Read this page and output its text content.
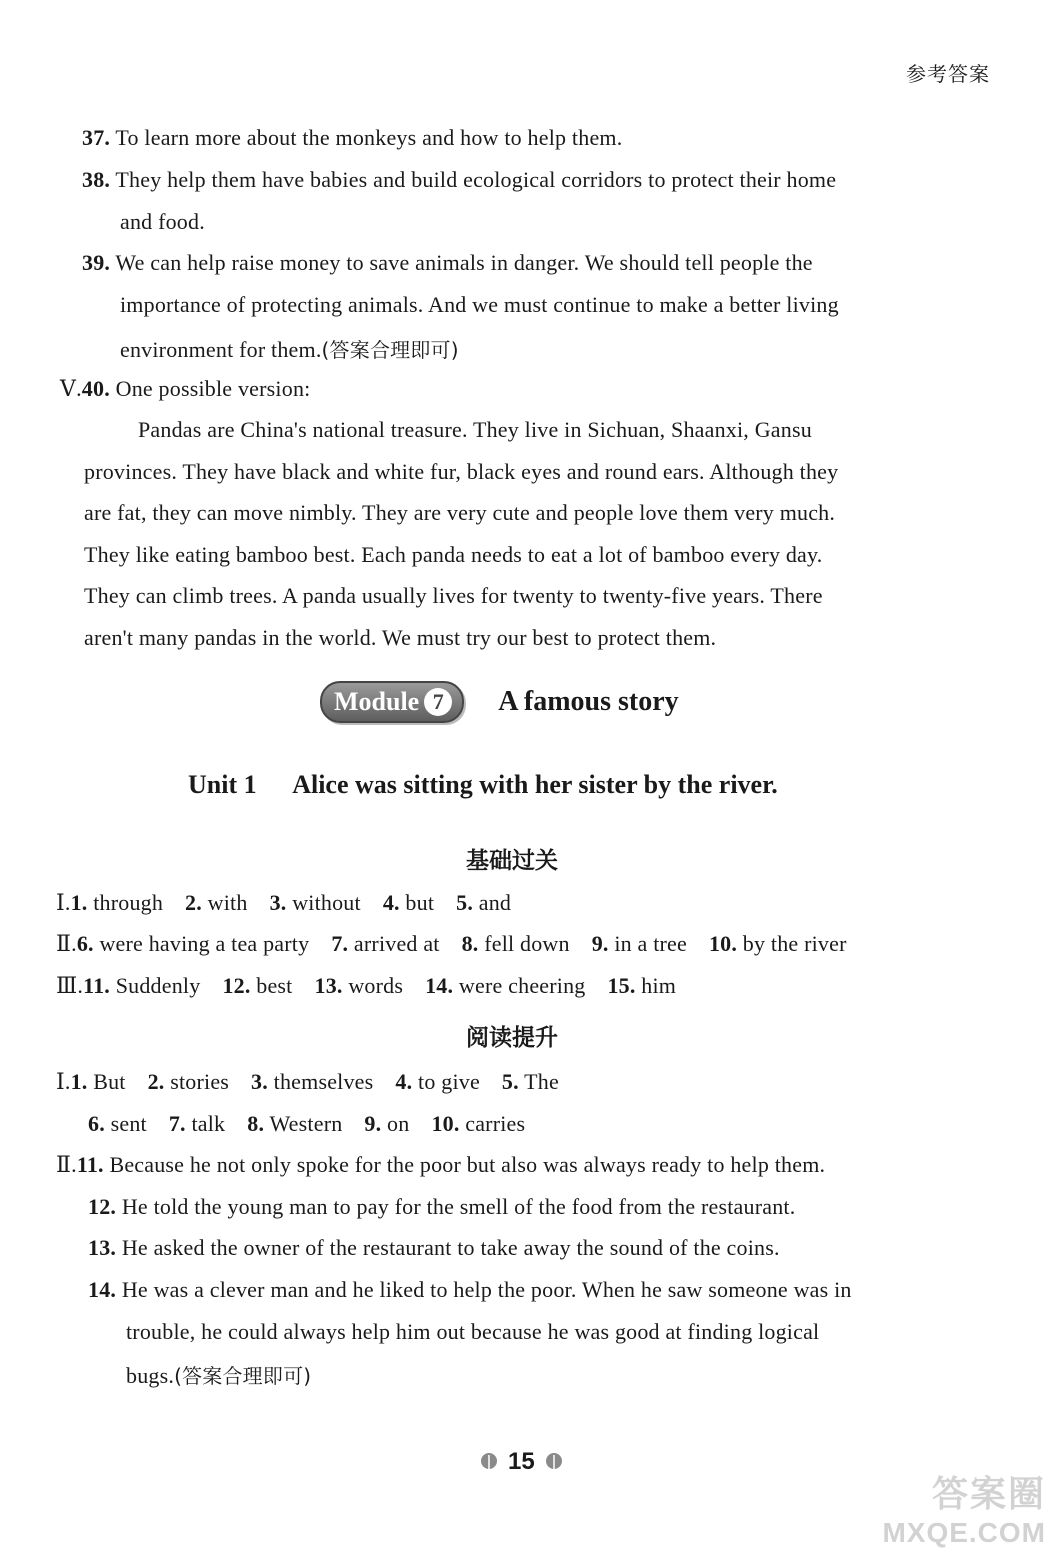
参考答案
37. To learn more about the monkeys and how to help them.
38. They help them have babies and build ecological corridors to protect their home
and food.
39. We can help raise money to save animals in danger. We should tell people the
importance of protecting animals. And we must continue to make a better living
environment for them.(答案合理即可)
Ⅴ.40. One possible version:
Pandas are China's national treasure. They live in Sichuan, Shaanxi, Gansu
provinces. They have black and white fur, black eyes and round ears. Although they
are fat, they can move nimbly. They are very cute and people love them very much.
They like eating bamboo best. Each panda needs to eat a lot of bamboo every day.
They can climb trees. A panda usually lives for twenty to twenty-five years. There
aren't many pandas in the world. We must try our best to protect them.
Module 7	A famous story
Unit 1 Alice was sitting with her sister by the river.
基础过关
Ⅰ.1. through 2. with 3. without 4. but 5. and
Ⅱ.6. were having a tea party 7. arrived at 8. fell down 9. in a tree 10. by the river
Ⅲ.11. Suddenly 12. best 13. words 14. were cheering 15. him
阅读提升
Ⅰ.1. But 2. stories 3. themselves 4. to give 5. The
6. sent 7. talk 8. Western 9. on 10. carries
Ⅱ.11. Because he not only spoke for the poor but also was always ready to help them.
12. He told the young man to pay for the smell of the food from the restaurant.
13. He asked the owner of the restaurant to take away the sound of the coins.
14. He was a clever man and he liked to help the poor. When he saw someone was in
trouble, he could always help him out because he was good at finding logical
bugs.(答案合理即可)
15
答案圈
MXQE.COM
